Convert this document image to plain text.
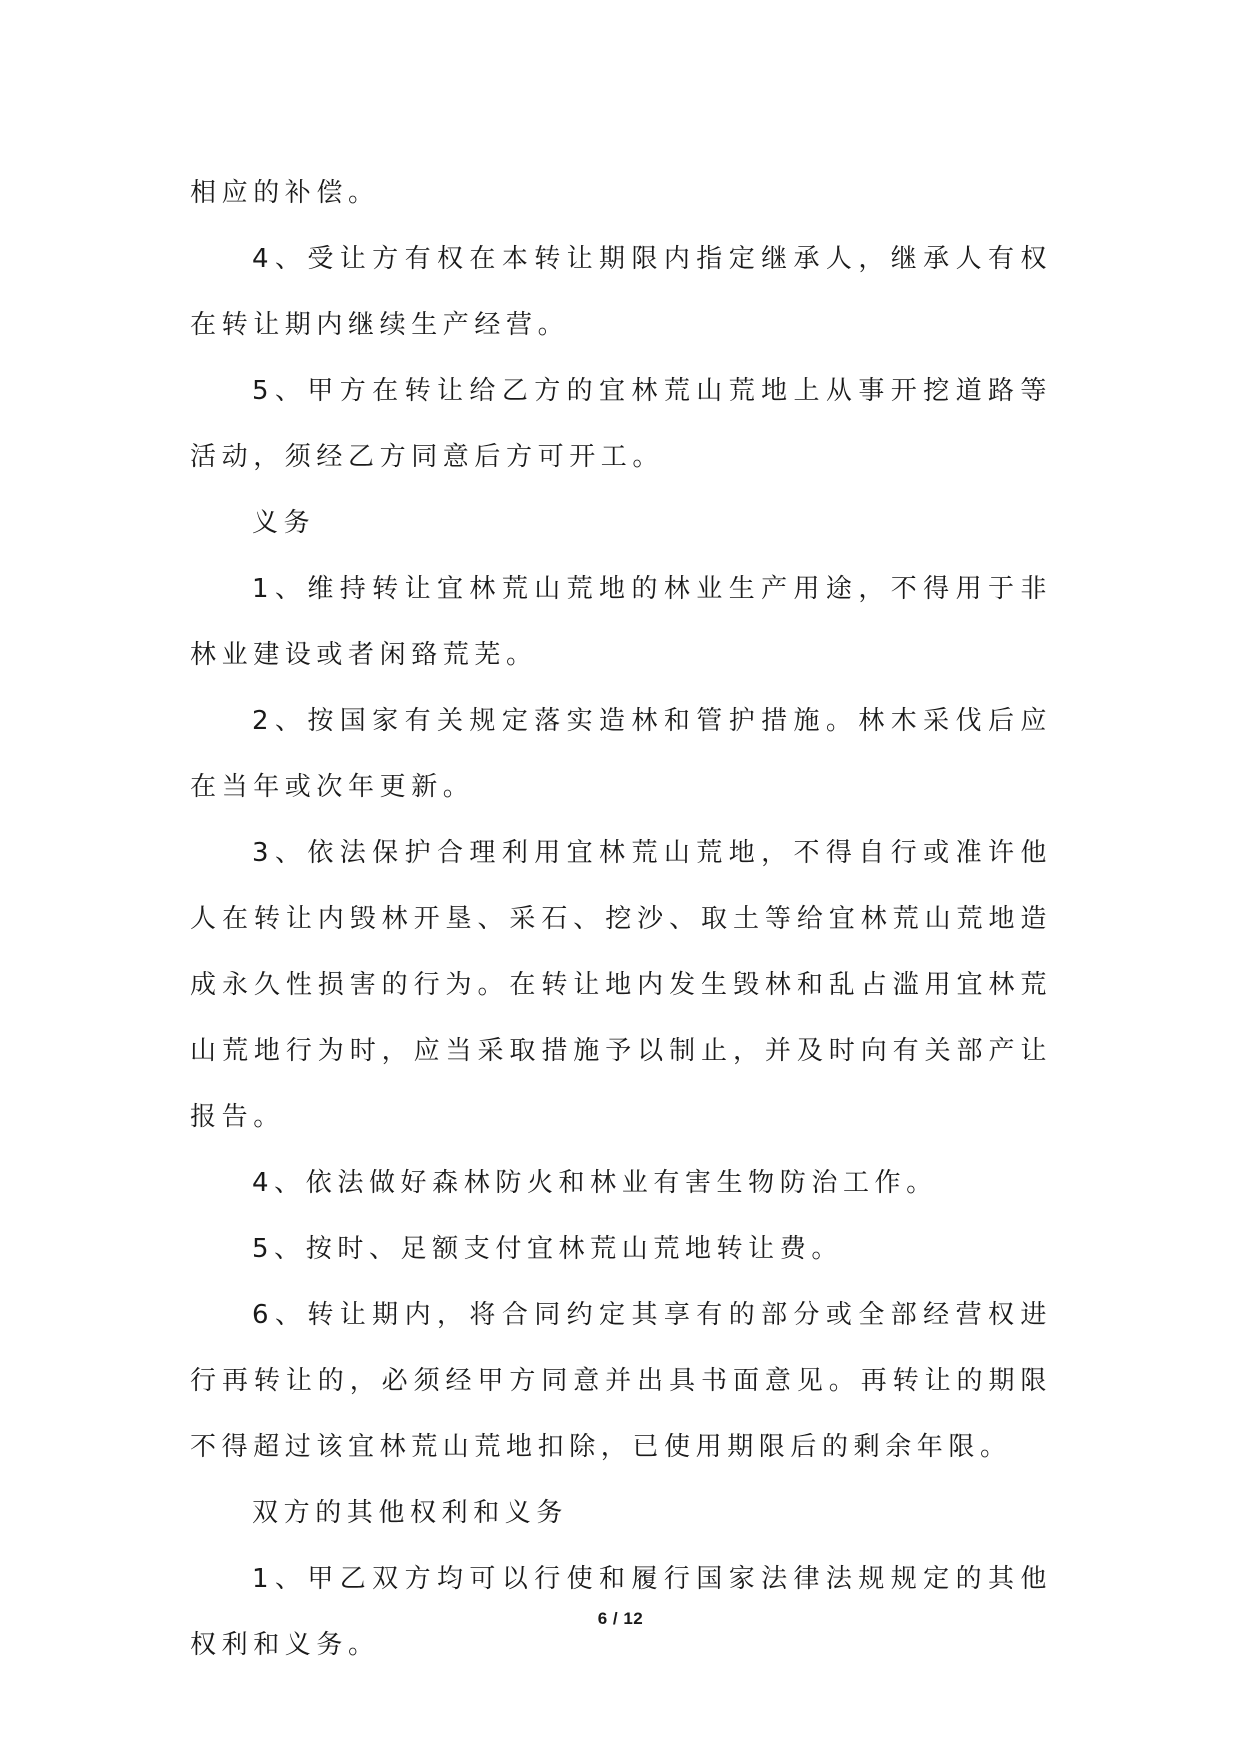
相应的补偿。

4、受让方有权在本转让期限内指定继承人，继承人有权在转让期内继续生产经营。

5、甲方在转让给乙方的宜林荒山荒地上从事开挖道路等活动，须经乙方同意后方可开工。

义务

1、维持转让宜林荒山荒地的林业生产用途，不得用于非林业建设或者闲臵荒芜。

2、按国家有关规定落实造林和管护措施。林木采伐后应在当年或次年更新。

3、依法保护合理利用宜林荒山荒地，不得自行或准许他人在转让内毁林开垦、采石、挖沙、取土等给宜林荒山荒地造成永久性损害的行为。在转让地内发生毁林和乱占滥用宜林荒山荒地行为时，应当采取措施予以制止，并及时向有关部产让报告。

4、依法做好森林防火和林业有害生物防治工作。

5、按时、足额支付宜林荒山荒地转让费。

6、转让期内，将合同约定其享有的部分或全部经营权进行再转让的，必须经甲方同意并出具书面意见。再转让的期限不得超过该宜林荒山荒地扣除，已使用期限后的剩余年限。

双方的其他权利和义务

1、甲乙双方均可以行使和履行国家法律法规规定的其他权利和义务。

6 / 12
